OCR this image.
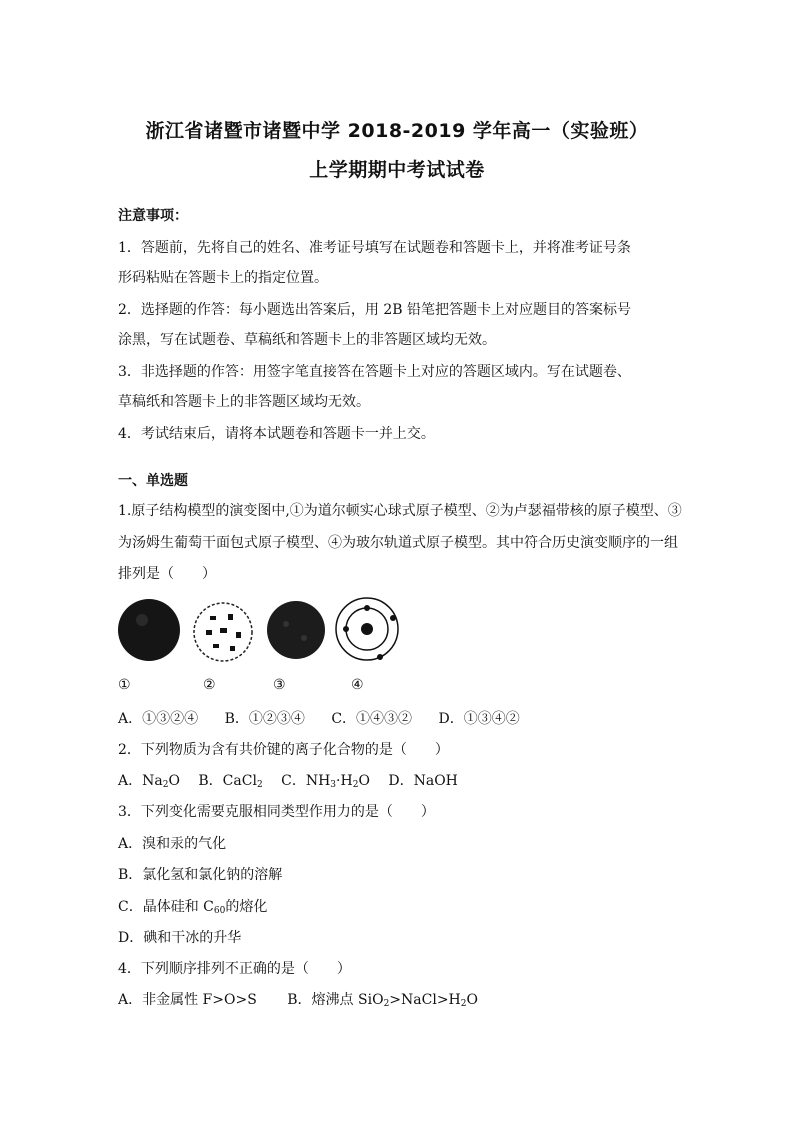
浙江省诸暨市诸暨中学 2018-2019 学年高一（实验班）
上学期期中考试试卷
注意事项：
1．答题前，先将自己的姓名、准考证号填写在试题卷和答题卡上，并将准考证号条
形码粘贴在答题卡上的指定位置。
2．选择题的作答：每小题选出答案后，用 2B 铅笔把答题卡上对应题目的答案标号
涂黑，写在试题卷、草稿纸和答题卡上的非答题区域均无效。
3．非选择题的作答：用签字笔直接答在答题卡上对应的答题区域内。写在试题卷、
草稿纸和答题卡上的非答题区域均无效。
4．考试结束后，请将本试题卷和答题卡一并上交。
一、单选题
1.原子结构模型的演变图中,①为道尔顿实心球式原子模型、②为卢瑟福带核的原子模型、③
为汤姆生葡萄干面包式原子模型、④为玻尔轨道式原子模型。其中符合历史演变顺序的一组
排列是（　　）
①	②	③	④
A．①③②④ B．①②③④ C．①④③② D．①③④②
2．下列物质为含有共价键的离子化合物的是（　　）
A．$Na_2O$ B．CaCl$_2$ C．$NH_3\cdot H_2O$ D．NaOH
3．下列变化需要克服相同类型作用力的是（　　）
A．溴和汞的气化
B．氯化氢和氯化钠的溶解
C．晶体硅和 $C_{60}$的熔化
D．碘和干冰的升华
4．下列顺序排列不正确的是（　　）
A．非金属性 F>O>S B．熔沸点 $SiO_2>NaCl>H_2O$
